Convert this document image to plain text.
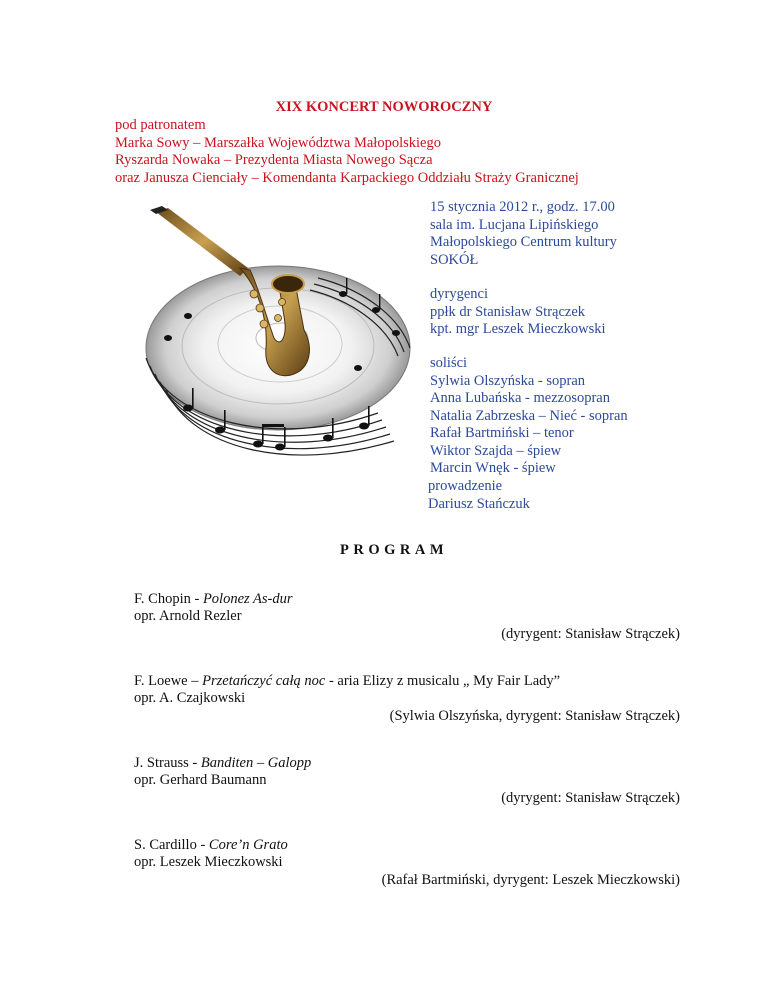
XIX KONCERT NOWOROCZNY
pod patronatem
Marka Sowy – Marszałka Województwa Małopolskiego
Ryszarda Nowaka – Prezydenta Miasta Nowego Sącza
oraz Janusza Cienciały – Komendanta Karpackiego Oddziału Straży Granicznej
15 stycznia 2012 r., godz. 17.00
sala im. Lucjana Lipińskiego
Małopolskiego Centrum kultury
SOKÓŁ
dyrygenci
ppłk dr Stanisław Strączek
kpt. mgr Leszek Mieczkowski
soliści
Sylwia Olszyńska - sopran
Anna Lubańska - mezzosopran
Natalia Zabrzeska – Nieć - sopran
Rafał Bartmiński – tenor
Wiktor Szajda – śpiew
Marcin Wnęk - śpiew
prowadzenie
Dariusz Stańczuk
PROGRAM
F. Chopin - Polonez As-dur
opr. Arnold Rezler
(dyrygent: Stanisław Strączek)
F. Loewe – Przetańczyć całą noc - aria Elizy z musicalu „ My Fair Lady”
opr. A. Czajkowski
(Sylwia Olszyńska, dyrygent: Stanisław Strączek)
J. Strauss - Banditen – Galopp
opr. Gerhard Baumann
(dyrygent: Stanisław Strączek)
S. Cardillo - Core’n Grato
opr. Leszek Mieczkowski
(Rafał Bartmiński, dyrygent: Leszek Mieczkowski)
